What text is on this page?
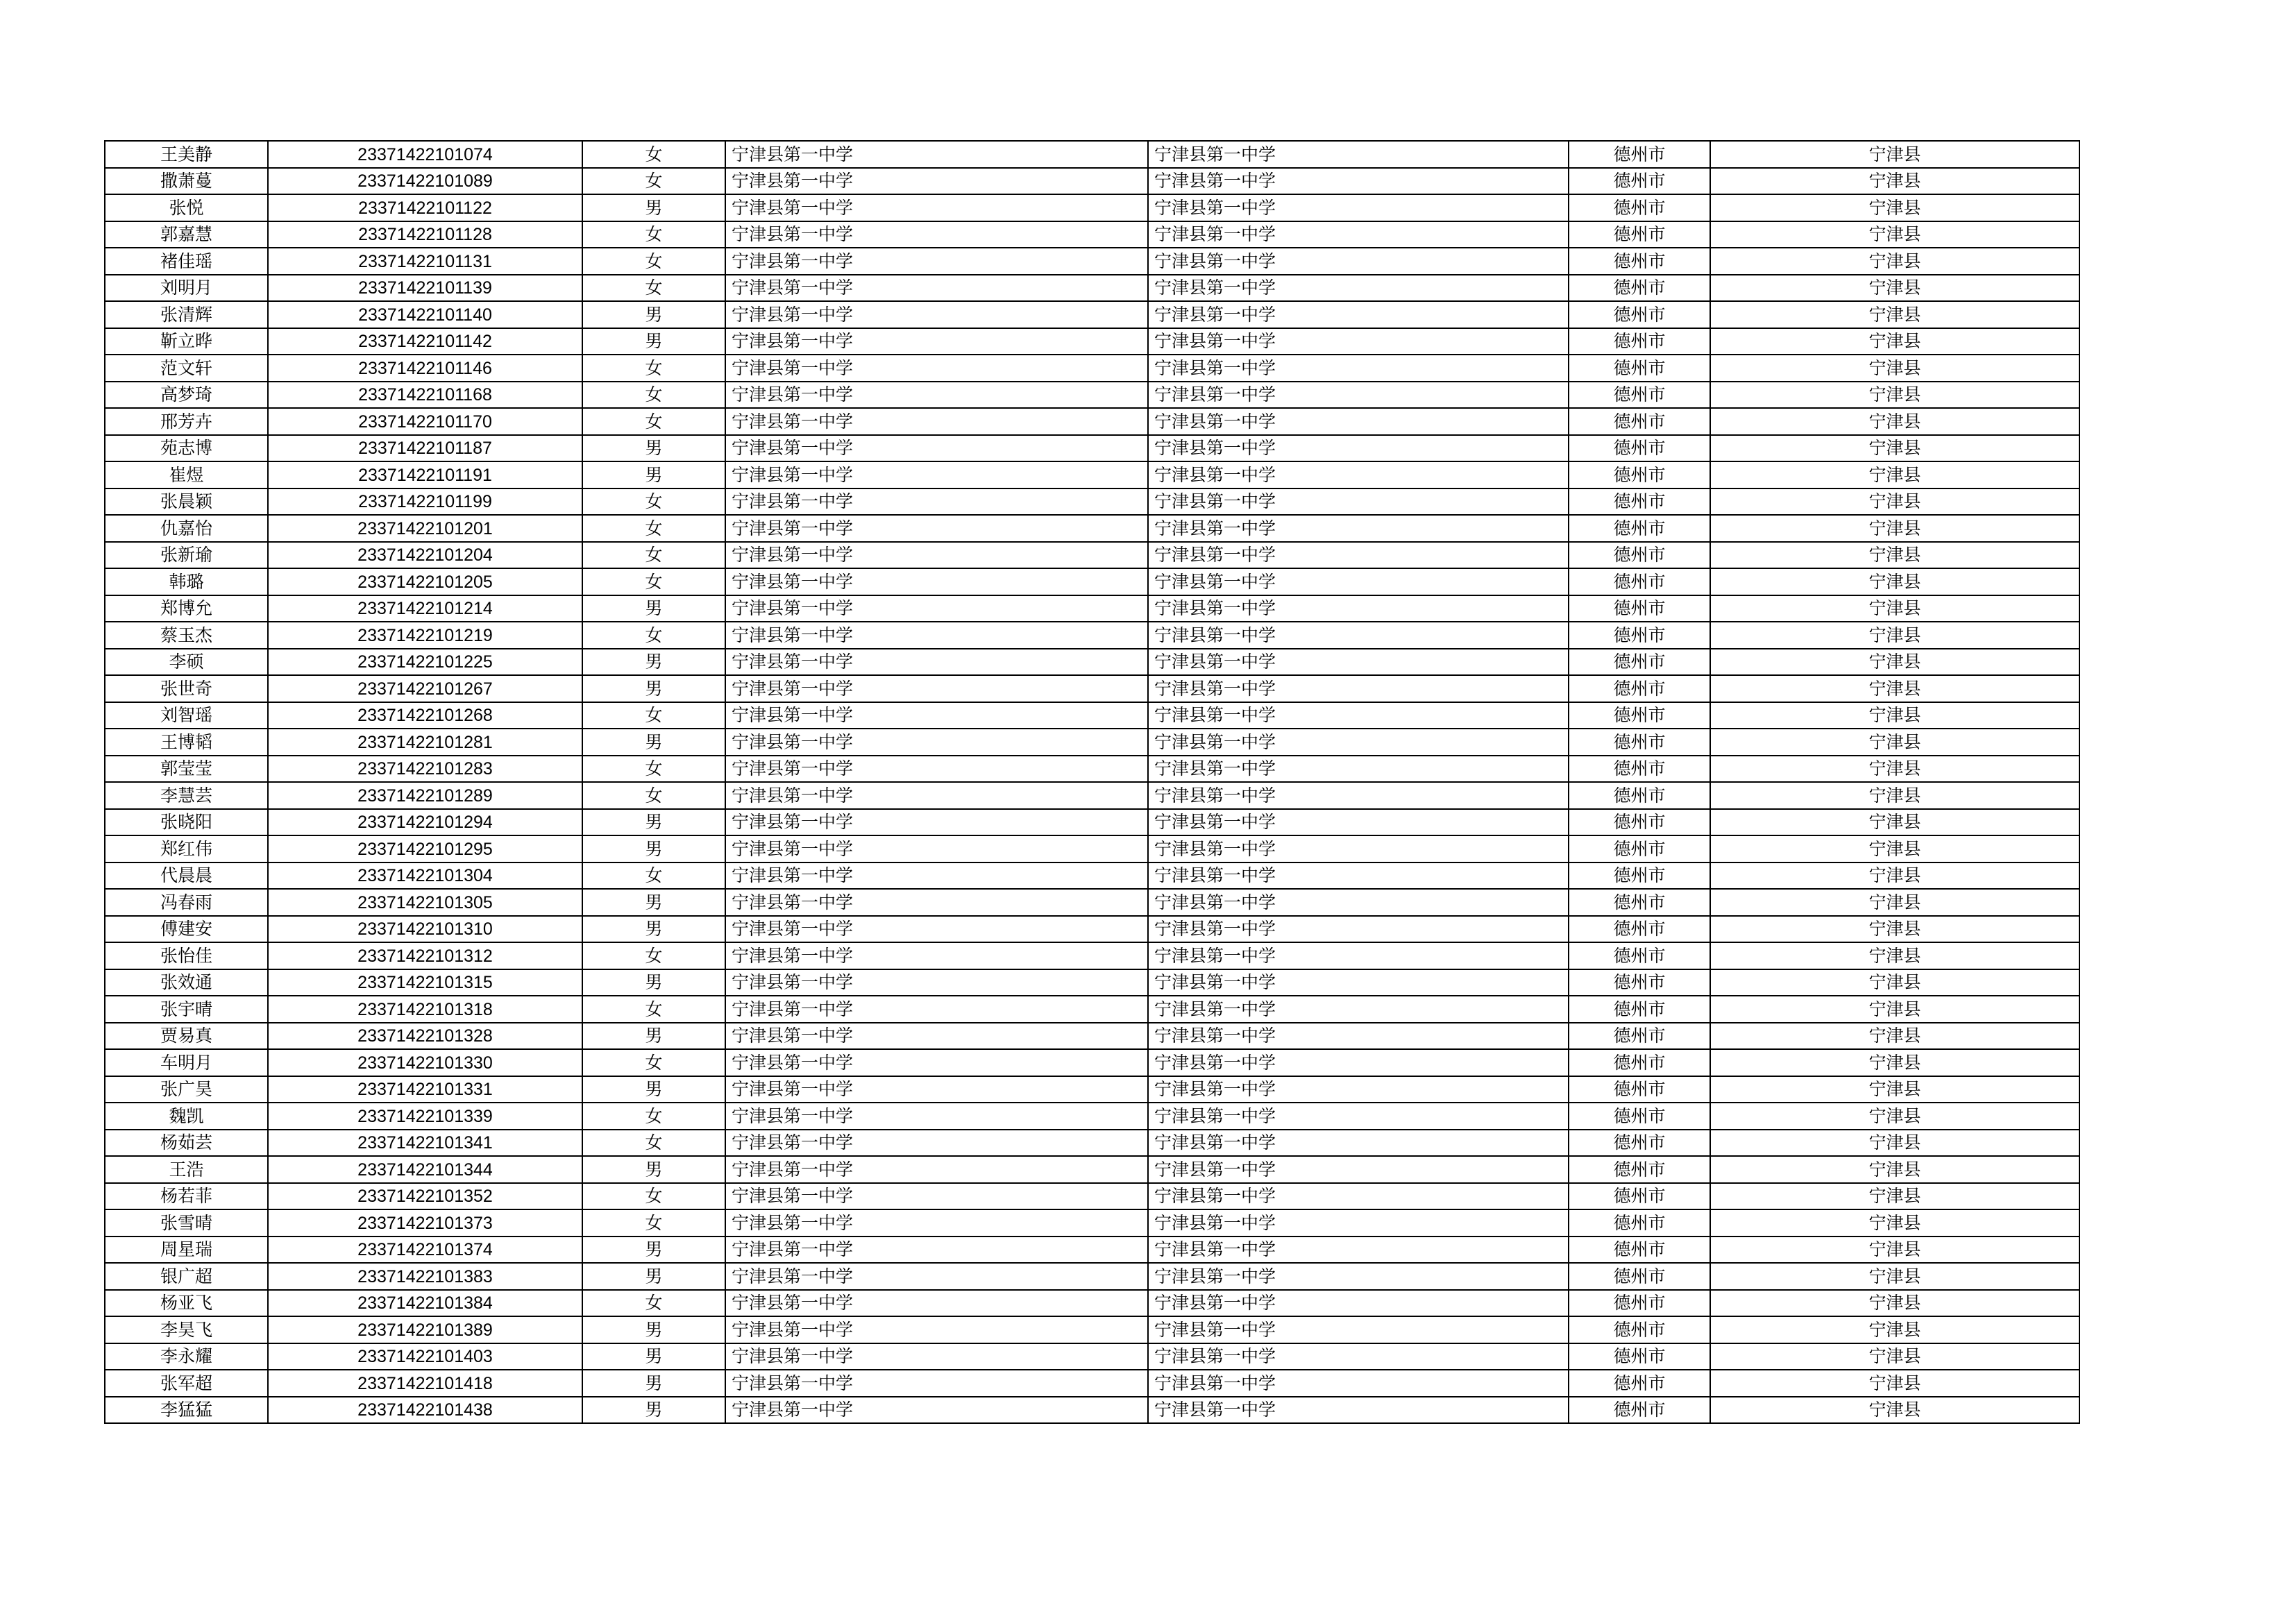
王美静	23371422101074	女	宁津县第一中学	宁津县第一中学	德州市	宁津县
撒萧蔓	23371422101089	女	宁津县第一中学	宁津县第一中学	德州市	宁津县
张悦	23371422101122	男	宁津县第一中学	宁津县第一中学	德州市	宁津县
郭嘉慧	23371422101128	女	宁津县第一中学	宁津县第一中学	德州市	宁津县
褚佳瑶	23371422101131	女	宁津县第一中学	宁津县第一中学	德州市	宁津县
刘明月	23371422101139	女	宁津县第一中学	宁津县第一中学	德州市	宁津县
张清辉	23371422101140	男	宁津县第一中学	宁津县第一中学	德州市	宁津县
靳立晔	23371422101142	男	宁津县第一中学	宁津县第一中学	德州市	宁津县
范文轩	23371422101146	女	宁津县第一中学	宁津县第一中学	德州市	宁津县
高梦琦	23371422101168	女	宁津县第一中学	宁津县第一中学	德州市	宁津县
邢芳卉	23371422101170	女	宁津县第一中学	宁津县第一中学	德州市	宁津县
苑志博	23371422101187	男	宁津县第一中学	宁津县第一中学	德州市	宁津县
崔煜	23371422101191	男	宁津县第一中学	宁津县第一中学	德州市	宁津县
张晨颖	23371422101199	女	宁津县第一中学	宁津县第一中学	德州市	宁津县
仇嘉怡	23371422101201	女	宁津县第一中学	宁津县第一中学	德州市	宁津县
张新瑜	23371422101204	女	宁津县第一中学	宁津县第一中学	德州市	宁津县
韩璐	23371422101205	女	宁津县第一中学	宁津县第一中学	德州市	宁津县
郑博允	23371422101214	男	宁津县第一中学	宁津县第一中学	德州市	宁津县
蔡玉杰	23371422101219	女	宁津县第一中学	宁津县第一中学	德州市	宁津县
李硕	23371422101225	男	宁津县第一中学	宁津县第一中学	德州市	宁津县
张世奇	23371422101267	男	宁津县第一中学	宁津县第一中学	德州市	宁津县
刘智瑶	23371422101268	女	宁津县第一中学	宁津县第一中学	德州市	宁津县
王博韬	23371422101281	男	宁津县第一中学	宁津县第一中学	德州市	宁津县
郭莹莹	23371422101283	女	宁津县第一中学	宁津县第一中学	德州市	宁津县
李慧芸	23371422101289	女	宁津县第一中学	宁津县第一中学	德州市	宁津县
张晓阳	23371422101294	男	宁津县第一中学	宁津县第一中学	德州市	宁津县
郑红伟	23371422101295	男	宁津县第一中学	宁津县第一中学	德州市	宁津县
代晨晨	23371422101304	女	宁津县第一中学	宁津县第一中学	德州市	宁津县
冯春雨	23371422101305	男	宁津县第一中学	宁津县第一中学	德州市	宁津县
傅建安	23371422101310	男	宁津县第一中学	宁津县第一中学	德州市	宁津县
张怡佳	23371422101312	女	宁津县第一中学	宁津县第一中学	德州市	宁津县
张效通	23371422101315	男	宁津县第一中学	宁津县第一中学	德州市	宁津县
张宇晴	23371422101318	女	宁津县第一中学	宁津县第一中学	德州市	宁津县
贾易真	23371422101328	男	宁津县第一中学	宁津县第一中学	德州市	宁津县
车明月	23371422101330	女	宁津县第一中学	宁津县第一中学	德州市	宁津县
张广昊	23371422101331	男	宁津县第一中学	宁津县第一中学	德州市	宁津县
魏凯	23371422101339	女	宁津县第一中学	宁津县第一中学	德州市	宁津县
杨茹芸	23371422101341	女	宁津县第一中学	宁津县第一中学	德州市	宁津县
王浩	23371422101344	男	宁津县第一中学	宁津县第一中学	德州市	宁津县
杨若菲	23371422101352	女	宁津县第一中学	宁津县第一中学	德州市	宁津县
张雪晴	23371422101373	女	宁津县第一中学	宁津县第一中学	德州市	宁津县
周星瑞	23371422101374	男	宁津县第一中学	宁津县第一中学	德州市	宁津县
银广超	23371422101383	男	宁津县第一中学	宁津县第一中学	德州市	宁津县
杨亚飞	23371422101384	女	宁津县第一中学	宁津县第一中学	德州市	宁津县
李昊飞	23371422101389	男	宁津县第一中学	宁津县第一中学	德州市	宁津县
李永耀	23371422101403	男	宁津县第一中学	宁津县第一中学	德州市	宁津县
张军超	23371422101418	男	宁津县第一中学	宁津县第一中学	德州市	宁津县
李猛猛	23371422101438	男	宁津县第一中学	宁津县第一中学	德州市	宁津县
